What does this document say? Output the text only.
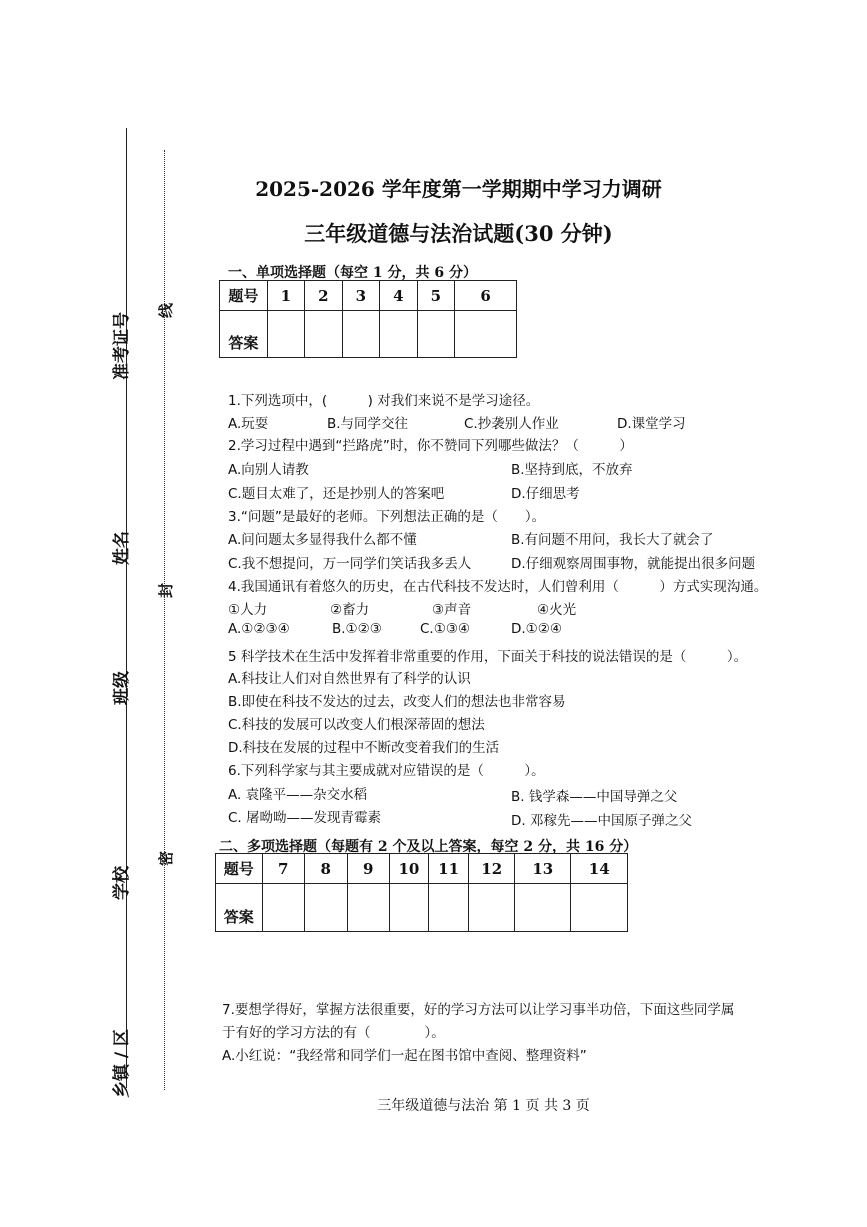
准考证号
姓名
班级
学校
乡镇 / 区
线
封
密
2025-2026 学年度第一学期期中学习力调研
三年级道德与法治试题(30 分钟)
一、单项选择题（每空 1 分，共 6 分）
题号	1	2	3	4	5	6
答案						
1.下列选项中，(　　　) 对我们来说不是学习途径。
A.玩耍	B.与同学交往	C.抄袭别人作业	D.课堂学习
2.学习过程中遇到“拦路虎”时，你不赞同下列哪些做法？（　　　）
A.向别人请教	B.坚持到底，不放弃
C.题目太难了，还是抄别人的答案吧	D.仔细思考
3.“问题”是最好的老师。下列想法正确的是（　　）。
A.问问题太多显得我什么都不懂	B.有问题不用问，我长大了就会了
C.我不想提问，万一同学们笑话我多丢人	D.仔细观察周围事物，就能提出很多问题
4.我国通讯有着悠久的历史，在古代科技不发达时，人们曾利用（　　　）方式实现沟通。
①人力	②畜力	③声音	④火光
A.①②③④	B.①②③	C.①③④	D.①②④
5 科学技术在生活中发挥着非常重要的作用，下面关于科技的说法错误的是（　　　）。
A.科技让人们对自然世界有了科学的认识
B.即使在科技不发达的过去，改变人们的想法也非常容易
C.科技的发展可以改变人们根深蒂固的想法
D.科技在发展的过程中不断改变着我们的生活
6.下列科学家与其主要成就对应错误的是（　　　）。
A. 袁隆平——杂交水稻	B. 钱学森——中国导弹之父
C. 屠呦呦——发现青霉素	D. 邓稼先——中国原子弹之父
二、多项选择题（每题有 2 个及以上答案，每空 2 分，共 16 分）
题号	7	8	9	10	11	12	13	14
答案								
7.要想学得好，掌握方法很重要，好的学习方法可以让学习事半功倍，下面这些同学属
于有好的学习方法的有（　　　　）。
A.小红说：“我经常和同学们一起在图书馆中查阅、整理资料”
三年级道德与法治 第 1 页 共 3 页
